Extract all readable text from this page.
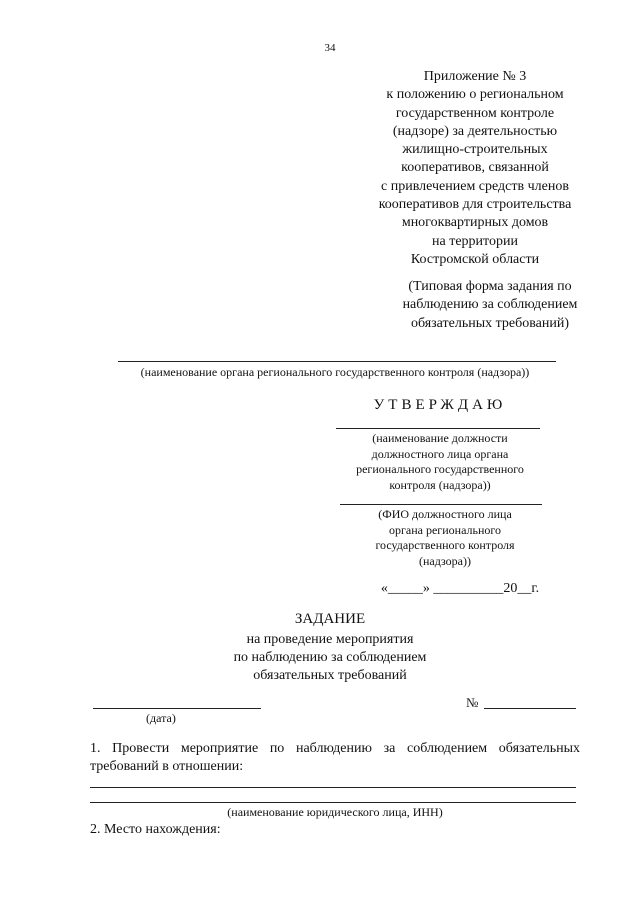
34
Приложение № 3
к положению о региональном
государственном контроле
(надзоре) за деятельностью
жилищно-строительных
кооперативов, связанной
с привлечением средств членов
кооперативов для строительства
многоквартирных домов
на территории
Костромской области
(Типовая форма задания по
наблюдению за соблюдением
обязательных требований)
(наименование органа регионального государственного контроля (надзора))
УТВЕРЖДАЮ
(наименование должности
должностного лица органа
регионального государственного
контроля (надзора))
(ФИО должностного лица
органа регионального
государственного контроля
(надзора))
«_____» __________20__г.
ЗАДАНИЕ
на проведение мероприятия
по наблюдению за соблюдением
обязательных требований
(дата)
№
1. Провести мероприятие по наблюдению за соблюдением обязательных требований в отношении:
(наименование юридического лица, ИНН)
2. Место нахождения:
